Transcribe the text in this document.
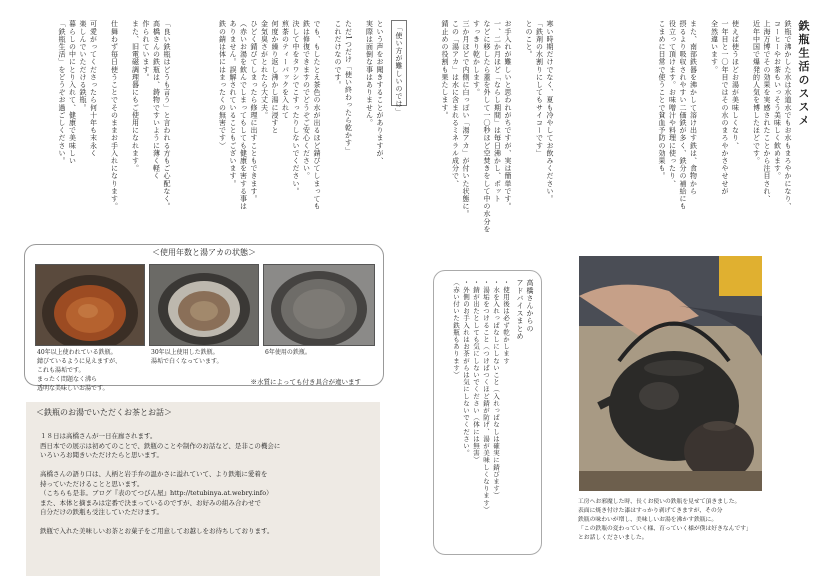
鉄瓶生活のススメ
鉄瓶で沸かした水は水道水でもお水もまろやかになり、
コーヒーやお茶もいっそう美味しく飲めます。
上海万博でその効果を実感されたことから注目され、
近年中国で爆発的人気を博したほどです。

使えば使うほどお湯が美味しくなり、
一年目と一〇年目ではその水のまろやかさやせせが
全然違います。

また、南部鉄器を沸かして溶け出す鉄は、食物から
摂るより吸収されやすい二価鉄が多く、鉄分の補給にも
役立って頂けます。お味噌汁や料理に使ったり、
こまめに日常で使うことで貧血予防の効果も。
寒い時期だけでなく、夏も冷やしてお飲みください。
「鉄剤の水割りにしてもサイコーです」
とのこと。

お手入れが難しいと思われがちですが、実は簡単です。
一、二か月ほど「ならし期間」は毎日沸かし、ポット
などに移したら蓋を外して一〇秒ほど空焚きをして中の水分を
すっきり乾かします。
三か月ほどで内側に白っぽい「湯アカ」が付いた状態に。
この「湯アカ」は水に含まれるミネラル成分で、
錆止めの役割も果たします。
「使い方が難しいのでは」
という声をお聞きすることがありますが、
実際は面倒な事はありません。

ただ1つだけ「使い終わったら乾かす」
これだけなのです。

でも、もしたとえ茶色の水が出るほど錆びてしまっても
鉄は修復できますのでどうぞご安心ください。
決して中をタワシでこすったりしないでください。
煎茶のティーパックを入れて
何度か繰り返し沸かし湯に浸すと
金気臭さがとれたら大丈夫。
ひどく錆びてしまったら修理に出すこともできます。
（赤いお湯を飲んでしまってもしても健康を害する事は
ありません。誤解されていることもございます。
鉄の錆は体にはまったくの無害です）
「良い鉄瓶はどうも言う」と言われる方もご心配なく。
高橋さんの鉄瓶は、鋳物ですいように薄く軽く
作られています。
また、旧電磁調理器にもご使用になれます。

仕舞わず毎日使うことでそのままお手入れになります。

可愛がってくださったら何十年も末永く
楽しんでいただける鉄瓶。
暮らしの中にとり入れて、健康で美味しい
「鉄瓶生活」をどうぞお過ごしください。
＜使用年数と湯アカの状態＞
40年以上使われている鉄瓶。
錆びているように見えますが、
これも湯垢です。
まったく問題なく沸ら
透明な美味しいお湯です。
30年以上使用した鉄瓶。
湯垢で白くなっています。
6年使用の鉄瓶。
※水質によっても付き具合が違います
＜鉄瓶のお湯でいただくお茶とお話＞
１８日は高橋さんが一日在廊されます。
西日本での展示は初めてのことで、鉄瓶のことや制作のお話など、是非この機会に
いろいろお聞きいただけたらと思います。

高橋さんの語り口は、人柄と岩手弁の温かさに溢れていて、より鉄瓶に愛着を
持っていただけることと思います。
（こちらも是非。ブログ『表のてつびん屋』http://tetubinya.at.webry.info）
また、本体と摘まみは定番で決まっているのですが、お好みの組み合わせで
自分だけの鉄瓶も受注していただけます。

鉄瓶で入れた美味しいお茶とお菓子をご用意してお越しをお待ちしております。
高橋さんからの
アドバイスまとめ
・使用後は必ず乾かします
・水を入れっぱなしにしないこと（入れっぱなしは確実に錆びます）
・湯垢をつけること（つけばつくほど錆が防げ、湯が美味しくなります）
・錆が出たとしても気にしないでください（体には無害）
・外側のお手入れはお茶がらは気にしないでください。
（赤い付いた鉄瓶もあります）
工房へお邪魔した時、長くお使いの鉄瓶を見せて頂きました。
表面に焼き付けた漆はすっかり剥げてきますが、その分
鉄瓶の味わいが増し、美味しいお湯を沸かす鉄瓶に。
「この鉄瓶の変わっていく様、育っていく様が僕は好きなんです」
とお話しくださいました。
